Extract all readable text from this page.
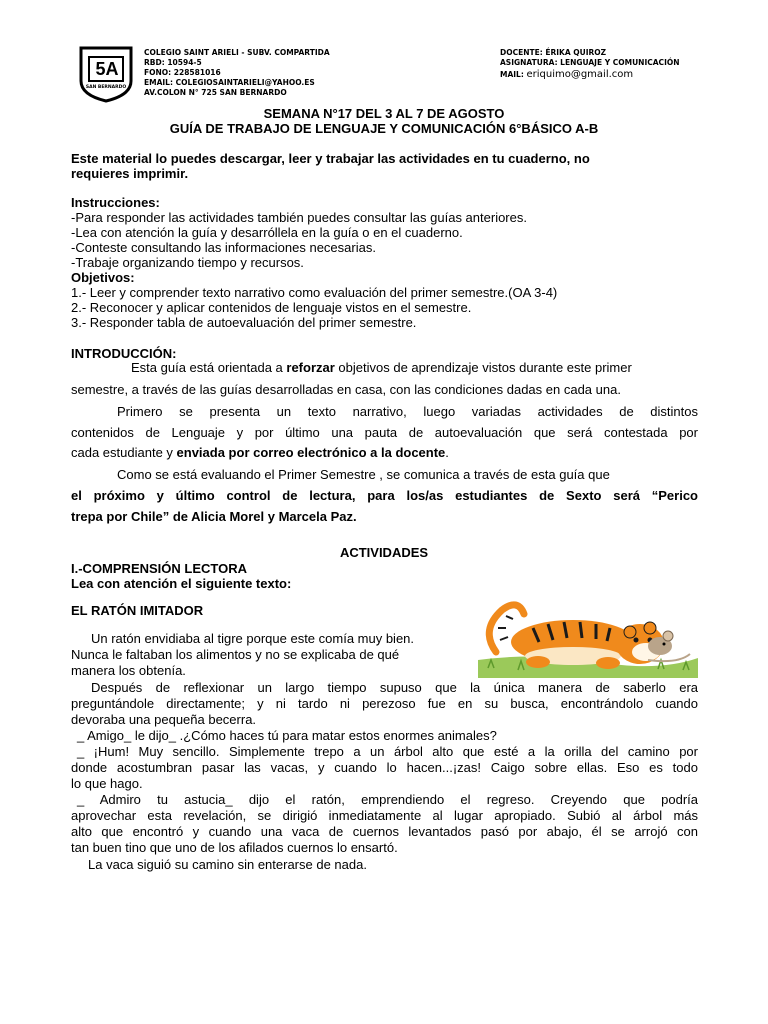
5A
SAN BERNARDO
COLEGIO SAINT ARIELI - SUBV. COMPARTIDA
RBD: 10594-5
FONO: 228581016
EMAIL: COLEGIOSAINTARIELI@YAHOO.ES
AV.COLON N° 725 SAN BERNARDO
DOCENTE: ÉRIKA QUIROZ
ASIGNATURA: LENGUAJE Y COMUNICACIÓN
MAIL: eriquimo@gmail.com
SEMANA N°17 DEL 3 AL 7 DE AGOSTO
GUÍA DE TRABAJO DE LENGUAJE Y COMUNICACIÓN 6°BÁSICO A-B
Este material lo puedes descargar, leer y trabajar las actividades en tu cuaderno, no
requieres imprimir.
Instrucciones:
-Para responder las actividades también puedes consultar las guías anteriores.
-Lea con atención la guía y desarróllela en la guía o en el cuaderno.
-Conteste consultando las informaciones necesarias.
-Trabaje organizando tiempo y recursos.
Objetivos:
1.- Leer y comprender texto narrativo como evaluación del primer semestre.(OA 3-4)
2.- Reconocer y aplicar contenidos de lenguaje vistos en el semestre.
3.- Responder tabla de autoevaluación del primer semestre.
INTRODUCCIÓN:
Esta guía está orientada a reforzar objetivos de aprendizaje vistos durante este primer
semestre, a través de las guías desarrolladas en casa, con las condiciones dadas en cada una.
Primero se presenta un texto narrativo, luego variadas actividades de distintos
contenidos de Lenguaje y por último una pauta de autoevaluación que será contestada por
cada estudiante y enviada por correo electrónico a la docente.
Como se está evaluando el Primer Semestre , se comunica a través de esta guía que
el próximo y último control de lectura, para los/as estudiantes de Sexto será “Perico
trepa por Chile” de Alicia Morel y Marcela Paz.
ACTIVIDADES
I.-COMPRENSIÓN LECTORA
Lea con atención el siguiente texto:
EL RATÓN IMITADOR
Un ratón envidiaba al tigre porque este comía muy bien.
Nunca le faltaban los alimentos y no se explicaba de qué
manera los obtenía.
Después de reflexionar un largo tiempo supuso que la única manera de saberlo era
preguntándole directamente; y ni tardo ni perezoso fue en su busca, encontrándolo cuando
devoraba una pequeña becerra.
_ Amigo_ le dijo_ .¿Cómo haces tú para matar estos enormes animales?
_ ¡Hum! Muy sencillo. Simplemente trepo a un árbol alto que esté a la orilla del camino por
donde acostumbran pasar las vacas, y cuando lo hacen...¡zas! Caigo sobre ellas. Eso es todo
lo que hago.
_ Admiro tu astucia_ dijo el ratón, emprendiendo el regreso. Creyendo que podría
aprovechar esta revelación, se dirigió inmediatamente al lugar apropiado. Subió al árbol más
alto que encontró y cuando una vaca de cuernos levantados pasó por abajo, él se arrojó con
tan buen tino que uno de los afilados cuernos lo ensartó.
La vaca siguió su camino sin enterarse de nada.
